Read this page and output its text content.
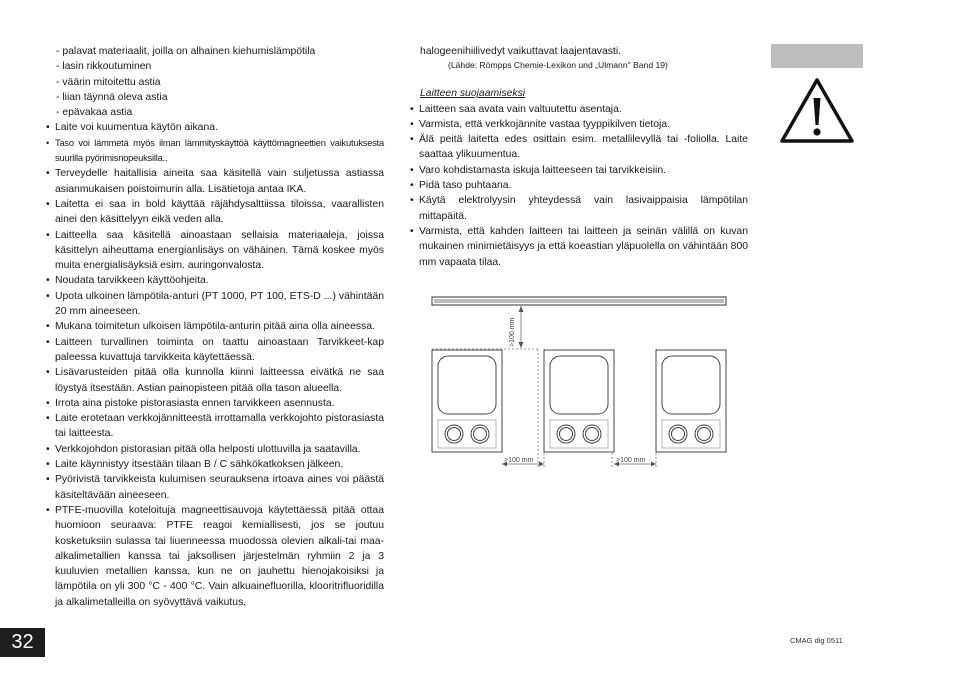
- palavat materiaalit, joilla on alhainen kiehumislämpötila

- lasin rikkoutuminen

- väärin mitoitettu astia

- liian täynnä oleva astia

- epävakaa astia

• Laite voi kuumentua käytön aikana.

• Taso voi lämmetä myös ilman lämmityskäyttöä käyttömagneettien vaikutuksesta suurilla pyörimisnopeuksilla..

• Terveydelle haitallisia aineita saa käsitellä vain suljetussa astiassa asianmukaisen poistoimurin alla. Lisätietoja antaa IKA.

• Laitetta ei saa in bold käyttää räjähdysalttiissa tiloissa, vaarallisten ainei den käsittelyyn eikä veden alla.

• Laitteella saa käsitellä ainoastaan sellaisia materiaaleja, joissa käsittelyn aiheuttama energianlisäys on vähäinen. Tämä koskee myös muita energialisäyksiä esim. auringonvalosta.

• Noudata tarvikkeen käyttöohjeita.

• Upota ulkoinen lämpötila-anturi (PT 1000, PT 100, ETS-D ...) vähintään 20 mm aineeseen.

• Mukana toimitetun ulkoisen lämpötila-anturin pitää aina olla aineessa.

• Laitteen turvallinen toiminta on taattu ainoastaan Tarvikkeet-kap paleessa kuvattuja tarvikkeita käytettäessä.

• Lisävarusteiden pitää olla kunnolla kiinni laitteessa eivätkä ne saa löystyä itsestään. Astian painopisteen pitää olla tason alueella.

• Irrota aina pistoke pistorasiasta ennen tarvikkeen asennusta.

• Laite erotetaan verkkojännitteestä irrottamalla verkkojohto pistorasiasta tai laitteesta.

• Verkkojohdon pistorasian pitää olla helposti ulottuvilla ja saatavilla.

• Laite käynnistyy itsestään tilaan B / C sähkökatkoksen jälkeen.

• Pyörivistä tarvikkeista kulumisen seurauksena irtoava aines voi päästä käsiteltävään aineeseen.

• PTFE-muovilla koteloituja magneettisauvoja käytettäessä pitää ottaa huomioon seuraava: PTFE reagoi kemiallisesti, jos se joutuu kosketuksiin sulassa tai liuenneessa muodossa olevien alkali-tai maa-alkalimetallien kanssa tai jaksollisen järjestelmän ryhmiin 2 ja 3 kuuluvien metallien kanssa, kun ne on jauhettu hienojakoisiksi ja lämpötila on yli 300 °C - 400 °C. Vain alkuainefluorilla, klooritrifluoridilla ja alkalimetalleilla on syövyttävä vaikutus,

halogeenihiilivedyt vaikuttavat laajentavasti.

(Lähde: Römpps Chemie-Lexikon und „Ulmann" Band 19)

Laitteen suojaamiseksi

• Laitteen saa avata vain valtuutettu asentaja.

• Varmista, että verkkojännite vastaa tyyppikilven tietoja.

• Älä peitä laitetta edes osittain esim. metallilevyllä tai -foliolla. Laite saattaa ylikuumentua.

• Varo kohdistamasta iskuja laitteeseen tai tarvikkeisiin.

• Pidä taso puhtaana.

• Käytä elektrolyysin yhteydessä vain lasivaippaisia lämpötilan mittapäitä.

• Varmista, että kahden laitteen tai laitteen ja seinän välillä on kuvan mukainen minimietäisyys ja että koeastian yläpuolella on vähintään 800 mm vapaata tilaa.

>100 mm
>100 mm	>100 mm
32	CMAG dig 0511
